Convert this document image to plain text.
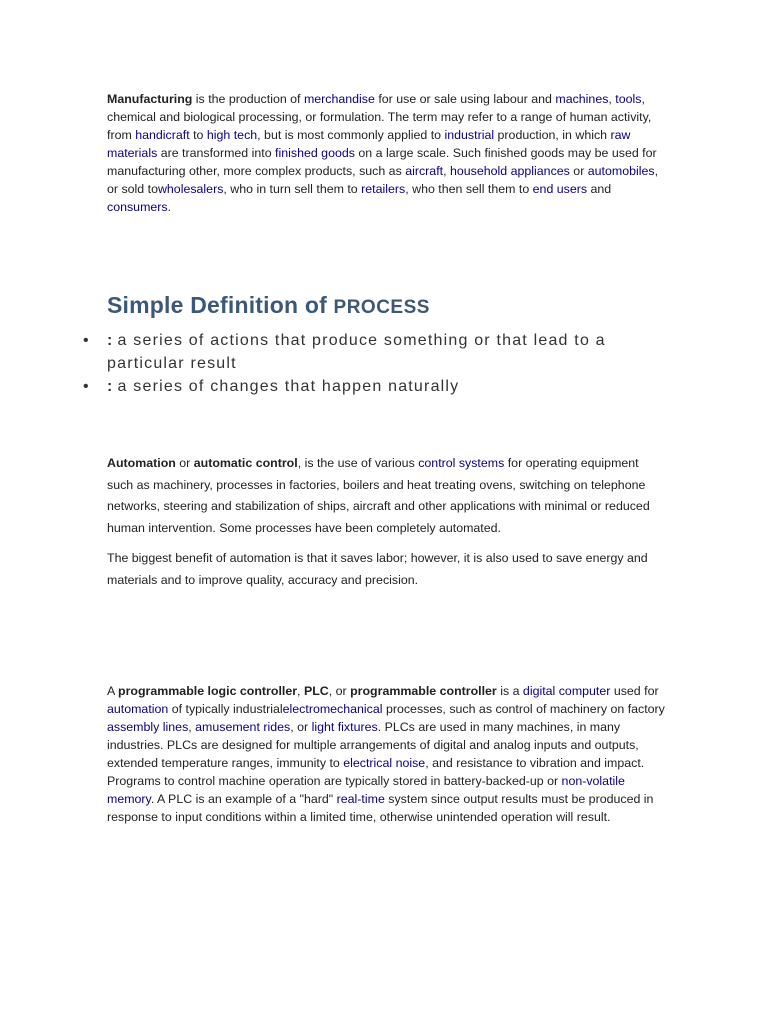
Manufacturing is the production of merchandise for use or sale using labour and machines, tools, chemical and biological processing, or formulation. The term may refer to a range of human activity, from handicraft to high tech, but is most commonly applied to industrial production, in which raw materials are transformed into finished goods on a large scale. Such finished goods may be used for manufacturing other, more complex products, such as aircraft, household appliances or automobiles, or sold towholesalers, who in turn sell them to retailers, who then sell them to end users and consumers.

Simple Definition of PROCESS
• : a series of actions that produce something or that lead to a particular result
• : a series of changes that happen naturally

Automation or automatic control, is the use of various control systems for operating equipment such as machinery, processes in factories, boilers and heat treating ovens, switching on telephone networks, steering and stabilization of ships, aircraft and other applications with minimal or reduced human intervention. Some processes have been completely automated.

The biggest benefit of automation is that it saves labor; however, it is also used to save energy and materials and to improve quality, accuracy and precision.

A programmable logic controller, PLC, or programmable controller is a digital computer used for automation of typically industrialelectromechanical processes, such as control of machinery on factory assembly lines, amusement rides, or light fixtures. PLCs are used in many machines, in many industries. PLCs are designed for multiple arrangements of digital and analog inputs and outputs, extended temperature ranges, immunity to electrical noise, and resistance to vibration and impact. Programs to control machine operation are typically stored in battery-backed-up or non-volatile memory. A PLC is an example of a "hard" real-time system since output results must be produced in response to input conditions within a limited time, otherwise unintended operation will result.
